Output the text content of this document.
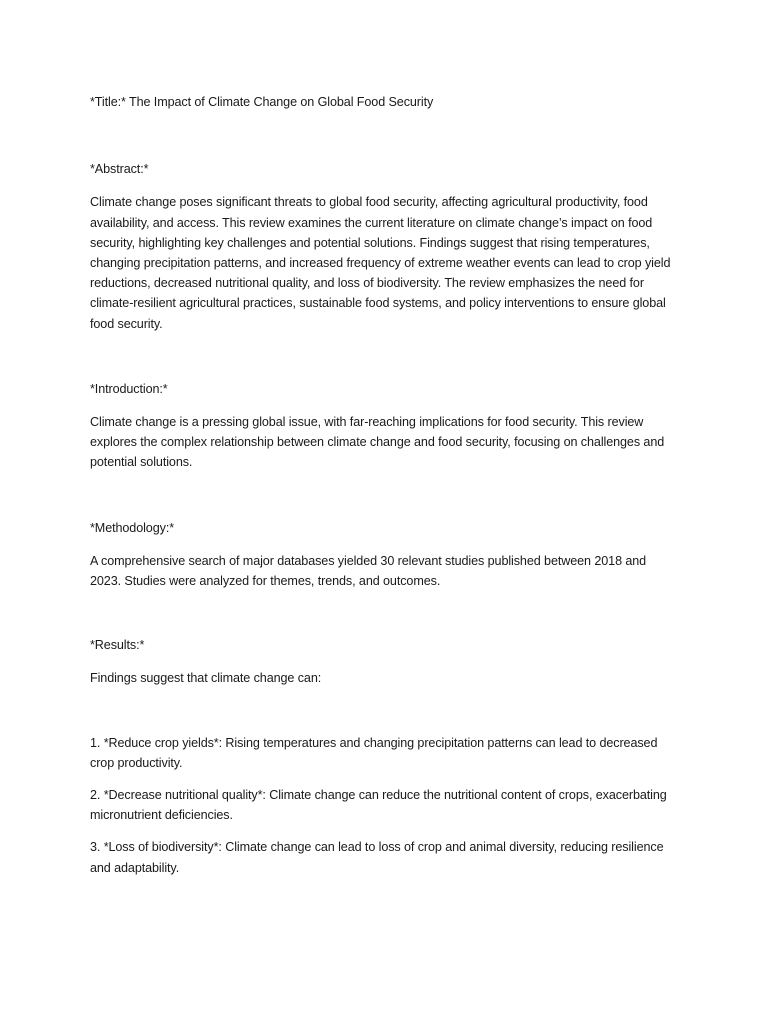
*Title:* The Impact of Climate Change on Global Food Security

*Abstract:*

Climate change poses significant threats to global food security, affecting agricultural productivity, food availability, and access. This review examines the current literature on climate change’s impact on food security, highlighting key challenges and potential solutions. Findings suggest that rising temperatures, changing precipitation patterns, and increased frequency of extreme weather events can lead to crop yield reductions, decreased nutritional quality, and loss of biodiversity. The review emphasizes the need for climate-resilient agricultural practices, sustainable food systems, and policy interventions to ensure global food security.

*Introduction:*

Climate change is a pressing global issue, with far-reaching implications for food security. This review explores the complex relationship between climate change and food security, focusing on challenges and potential solutions.

*Methodology:*

A comprehensive search of major databases yielded 30 relevant studies published between 2018 and 2023. Studies were analyzed for themes, trends, and outcomes.

*Results:*

Findings suggest that climate change can:

1. *Reduce crop yields*: Rising temperatures and changing precipitation patterns can lead to decreased crop productivity.

2. *Decrease nutritional quality*: Climate change can reduce the nutritional content of crops, exacerbating micronutrient deficiencies.

3. *Loss of biodiversity*: Climate change can lead to loss of crop and animal diversity, reducing resilience and adaptability.
